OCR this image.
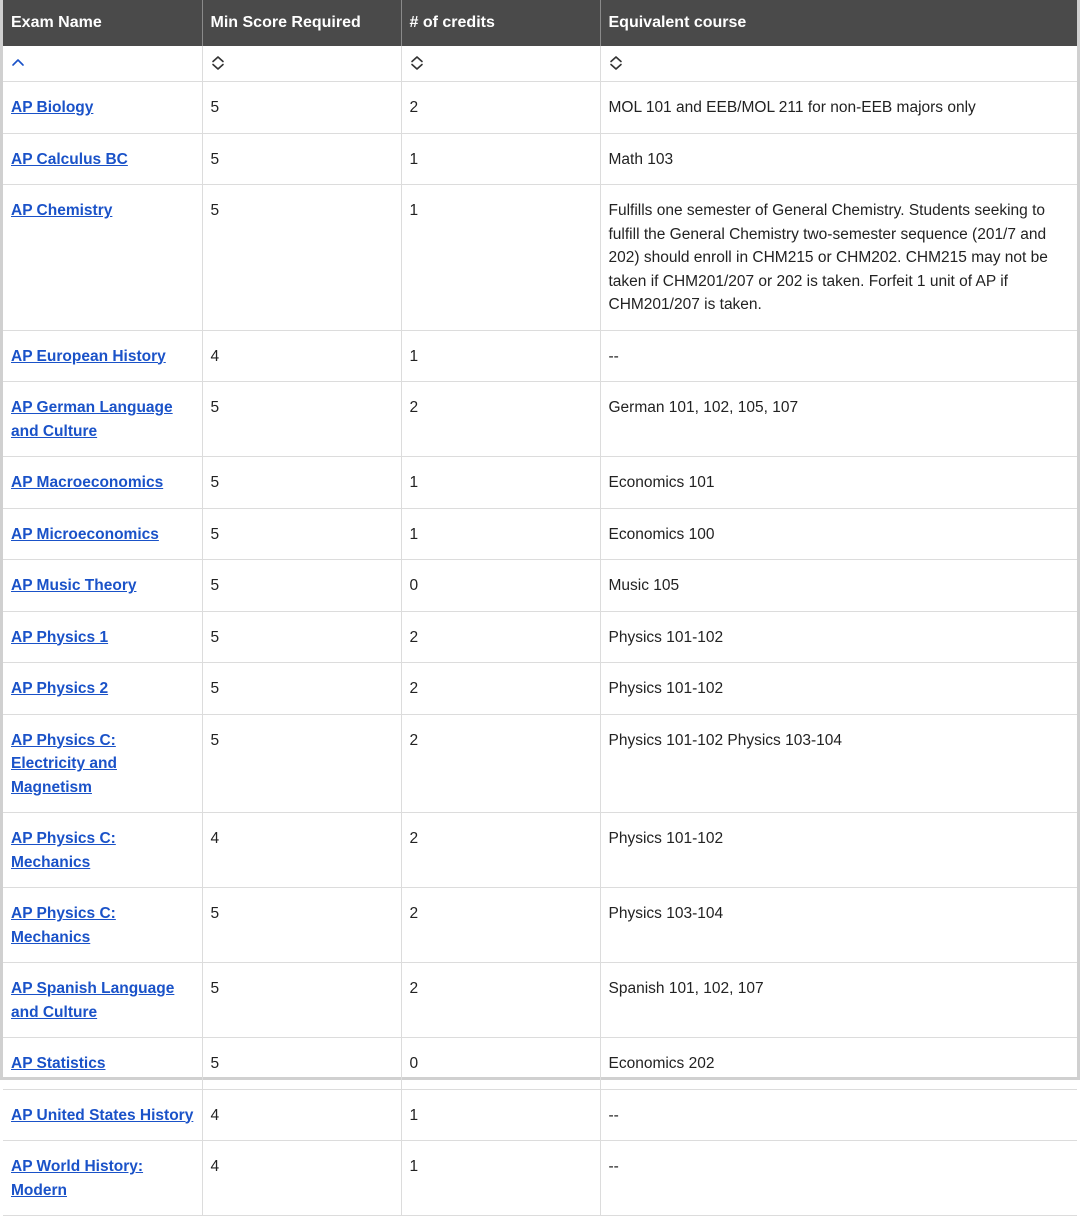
Exam Name	Min Score Required	# of credits	Equivalent course

AP Biology	5	2	MOL 101 and EEB/MOL 211 for non-EEB majors only
AP Calculus BC	5	1	Math 103
AP Chemistry	5	1	Fulfills one semester of General Chemistry. Students seeking to fulfill the General Chemistry two-semester sequence (201/7 and 202) should enroll in CHM215 or CHM202. CHM215 may not be taken if CHM201/207 or 202 is taken. Forfeit 1 unit of AP if CHM201/207 is taken.
AP European History	4	1	--
AP German Language and Culture	5	2	German 101, 102, 105, 107
AP Macroeconomics	5	1	Economics 101
AP Microeconomics	5	1	Economics 100
AP Music Theory	5	0	Music 105
AP Physics 1	5	2	Physics 101-102
AP Physics 2	5	2	Physics 101-102
AP Physics C: Electricity and Magnetism	5	2	Physics 101-102 Physics 103-104
AP Physics C: Mechanics	4	2	Physics 101-102
AP Physics C: Mechanics	5	2	Physics 103-104
AP Spanish Language and Culture	5	2	Spanish 101, 102, 107
AP Statistics	5	0	Economics 202
AP United States History	4	1	--
AP World History: Modern	4	1	--
